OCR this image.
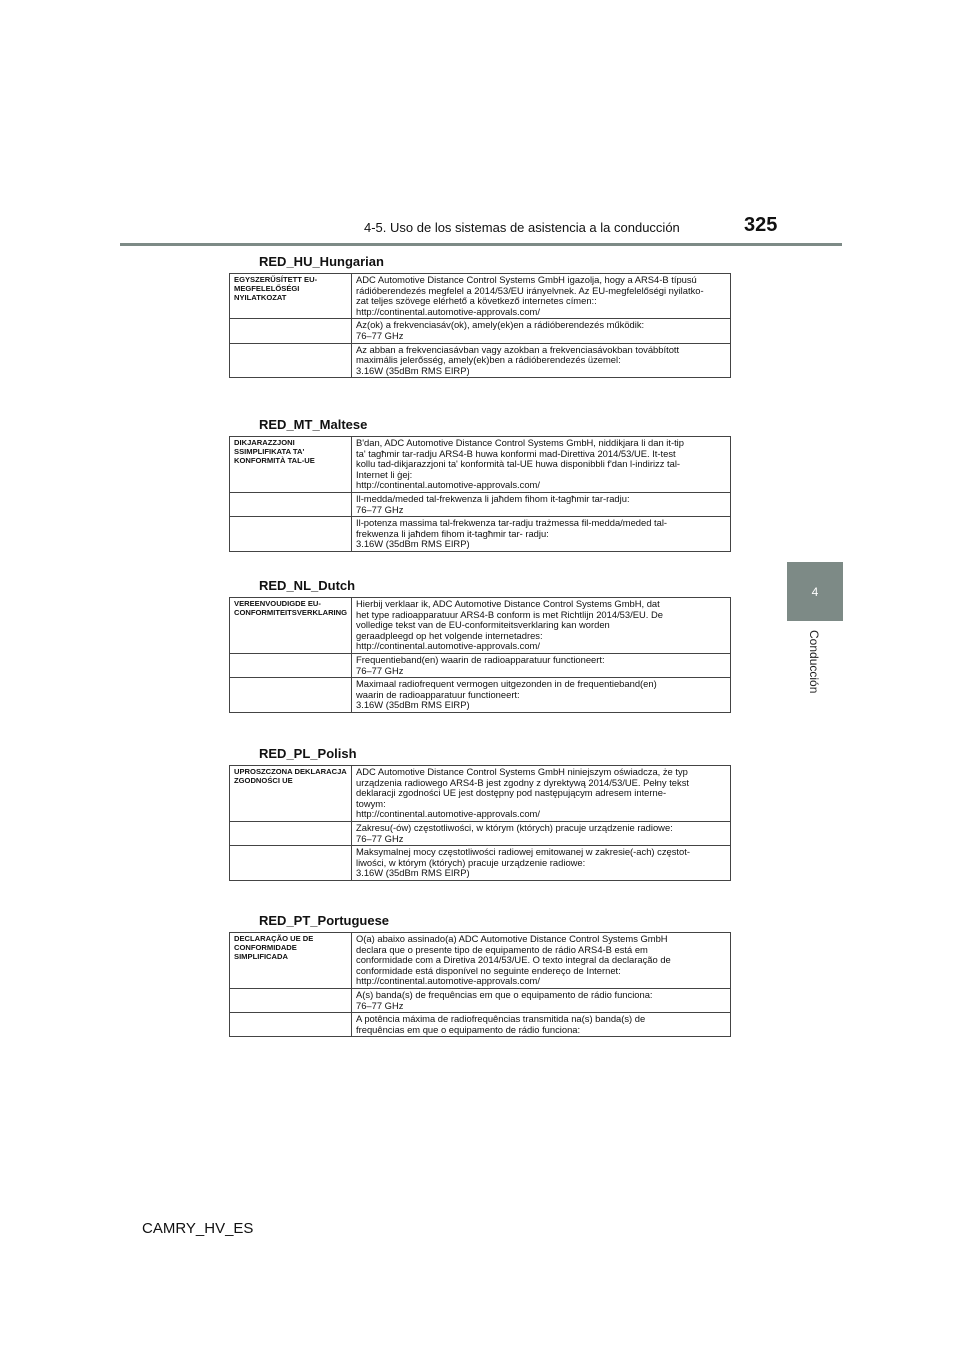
4-5. Uso de los sistemas de asistencia a la conducción	325
4
Conducción
RED_HU_Hungarian
EGYSZERŰSÍTETT EU-MEGFELELŐSÉGI NYILATKOZAT	ADC Automotive Distance Control Systems GmbH igazolja, hogy a ARS4-B típusú
rádióberendezés megfelel a 2014/53/EU irányelvnek. Az EU-megfelelőségi nyilatko-
zat teljes szövege elérhető a következő internetes címen::
http://continental.automotive-approvals.com/

	Az(ok) a frekvenciasáv(ok), amely(ek)en a rádióberendezés működik:
76–77 GHz

	Az abban a frekvenciasávban vagy azokban a frekvenciasávokban továbbított
maximális jelerősség, amely(ek)ben a rádióberendezés üzemel:
3.16W (35dBm RMS EIRP)
RED_MT_Maltese
DIKJARAZZJONI SSIMPLIFIKATA TA' KONFORMITÀ TAL-UE	B'dan, ADC Automotive Distance Control Systems GmbH, niddikjara li dan it-tip
ta' tagħmir tar-radju ARS4-B huwa konformi mad-Direttiva 2014/53/UE. It-test
kollu tad-dikjarazzjoni ta' konformità tal-UE huwa disponibbli f'dan l-indirizz tal-
Internet li ġej:
http://continental.automotive-approvals.com/

	Il-medda/meded tal-frekwenza li jaħdem fihom it-tagħmir tar-radju:
76–77 GHz

	Il-potenza massima tal-frekwenza tar-radju trażmessa fil-medda/meded tal-
frekwenza li jaħdem fihom it-tagħmir tar- radju:
3.16W (35dBm RMS EIRP)
RED_NL_Dutch
VEREENVOUDIGDE EU-CONFORMITEITSVERKLARING	Hierbij verklaar ik, ADC Automotive Distance Control Systems GmbH, dat
het type radioapparatuur ARS4-B conform is met Richtlijn 2014/53/EU. De
volledige tekst van de EU-conformiteitsverklaring kan worden
geraadpleegd op het volgende internetadres:
http://continental.automotive-approvals.com/

	Frequentieband(en) waarin de radioapparatuur functioneert:
76–77 GHz

	Maximaal radiofrequent vermogen uitgezonden in de frequentieband(en)
waarin de radioapparatuur functioneert:
3.16W (35dBm RMS EIRP)
RED_PL_Polish
UPROSZCZONA DEKLARACJA ZGODNOŚCI UE	ADC Automotive Distance Control Systems GmbH niniejszym oświadcza, że typ
urządzenia radiowego ARS4-B jest zgodny z dyrektywą 2014/53/UE. Pełny tekst
deklaracji zgodności UE jest dostępny pod następującym adresem interne-
towym:
http://continental.automotive-approvals.com/

	Zakresu(-ów) częstotliwości, w którym (których) pracuje urządzenie radiowe:
76–77 GHz

	Maksymalnej mocy częstotliwości radiowej emitowanej w zakresie(-ach) częstot-
liwości, w którym (których) pracuje urządzenie radiowe:
3.16W (35dBm RMS EIRP)
RED_PT_Portuguese
DECLARAÇÃO UE DE CONFORMIDADE SIMPLIFICADA	O(a) abaixo assinado(a) ADC Automotive Distance Control Systems GmbH
declara que o presente tipo de equipamento de rádio ARS4-B está em
conformidade com a Diretiva 2014/53/UE. O texto integral da declaração de
conformidade está disponível no seguinte endereço de Internet:
http://continental.automotive-approvals.com/

	A(s) banda(s) de frequências em que o equipamento de rádio funciona:
76–77 GHz

	A potência máxima de radiofrequências transmitida na(s) banda(s) de
frequências em que o equipamento de rádio funciona:
CAMRY_HV_ES
